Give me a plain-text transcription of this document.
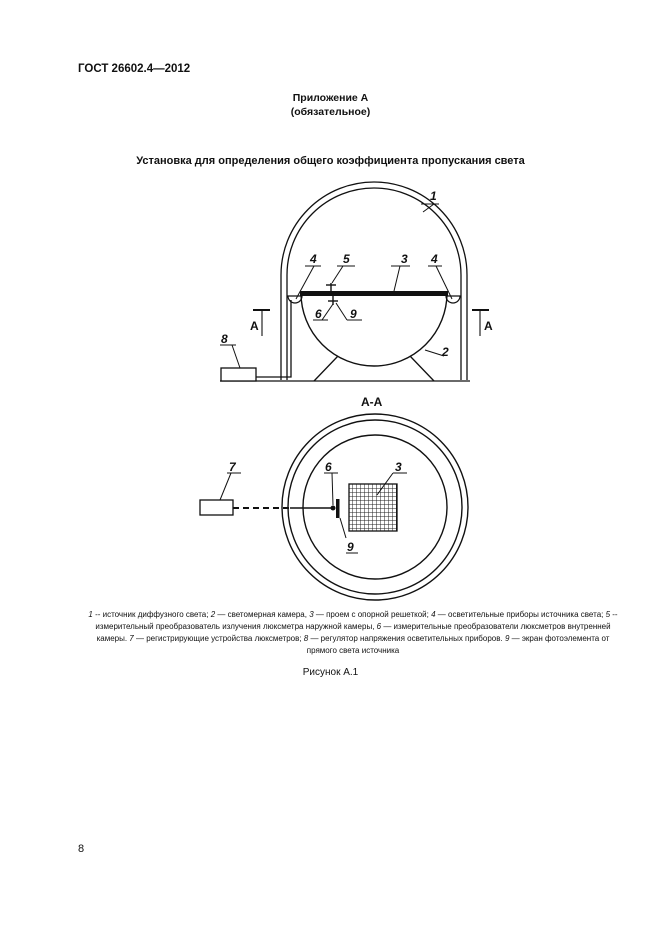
ГОСТ 26602.4—2012
Приложение А
(обязательное)
Установка для определения общего коэффициента пропускания света
1
2
3
4	4
5
6
8
9
А	А
А-А
3
6
7
9
1 -- источник диффузного света; 2 — светомерная камера, 3 — проем с опорной решеткой; 4 — осветительные приборы источника света; 5 -- измерительный преобразователь излучения люксметра наружной камеры, 6 — измерительные преобразователи люксметров внутренней камеры. 7 — регистрирующие устройства люксметров; 8 — регулятор напряжения осветительных приборов. 9 — экран фотоэлемента от прямого света источника
Рисунок А.1
8
